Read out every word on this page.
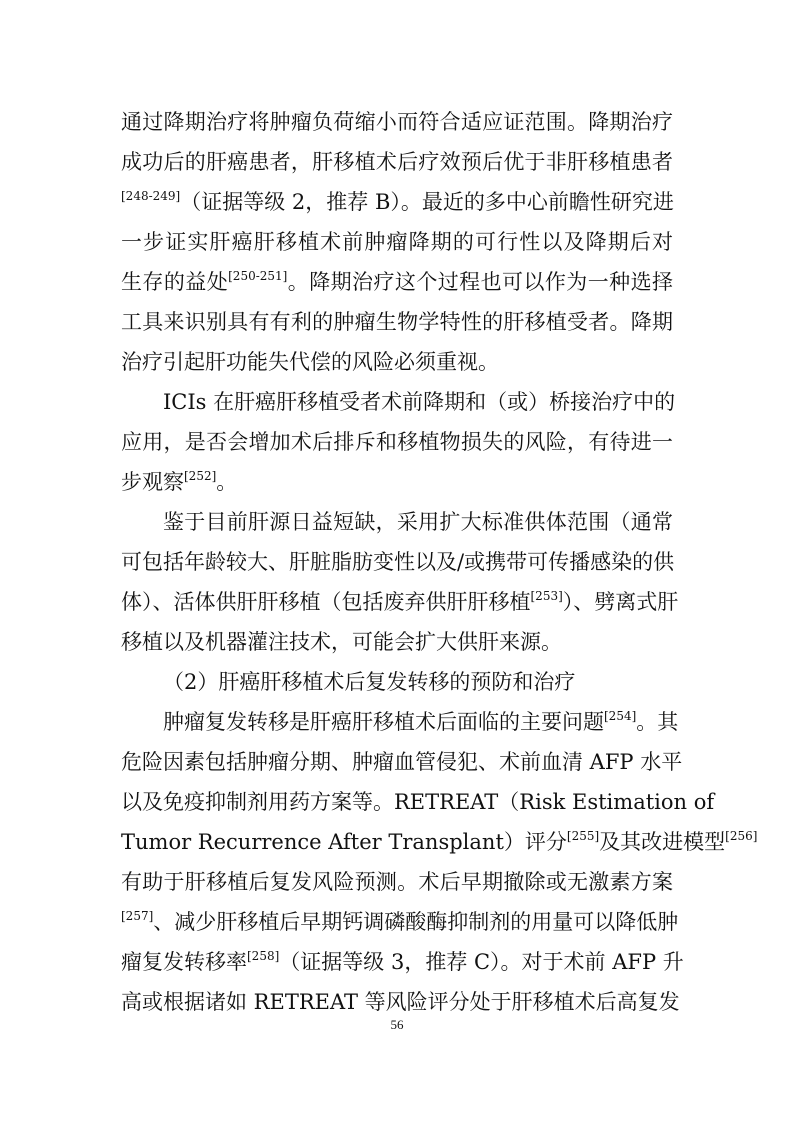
通过降期治疗将肿瘤负荷缩小而符合适应证范围。降期治疗
成功后的肝癌患者，肝移植术后疗效预后优于非肝移植患者
[248-249]（证据等级 2，推荐 B）。最近的多中心前瞻性研究进
一步证实肝癌肝移植术前肿瘤降期的可行性以及降期后对
生存的益处[250-251]。降期治疗这个过程也可以作为一种选择
工具来识别具有有利的肿瘤生物学特性的肝移植受者。降期
治疗引起肝功能失代偿的风险必须重视。
ICIs 在肝癌肝移植受者术前降期和（或）桥接治疗中的
应用，是否会增加术后排斥和移植物损失的风险，有待进一
步观察[252]。
鉴于目前肝源日益短缺，采用扩大标准供体范围（通常
可包括年龄较大、肝脏脂肪变性以及/或携带可传播感染的供
体）、活体供肝肝移植（包括废弃供肝肝移植[253]）、劈离式肝
移植以及机器灌注技术，可能会扩大供肝来源。
（2）肝癌肝移植术后复发转移的预防和治疗
肿瘤复发转移是肝癌肝移植术后面临的主要问题[254]。其
危险因素包括肿瘤分期、肿瘤血管侵犯、术前血清 AFP 水平
以及免疫抑制剂用药方案等。RETREAT（Risk Estimation of
Tumor Recurrence After Transplant）评分[255]及其改进模型[256]
有助于肝移植后复发风险预测。术后早期撤除或无激素方案
[257]、减少肝移植后早期钙调磷酸酶抑制剂的用量可以降低肿
瘤复发转移率[258]（证据等级 3，推荐 C）。对于术前 AFP 升
高或根据诸如 RETREAT 等风险评分处于肝移植术后高复发
56
